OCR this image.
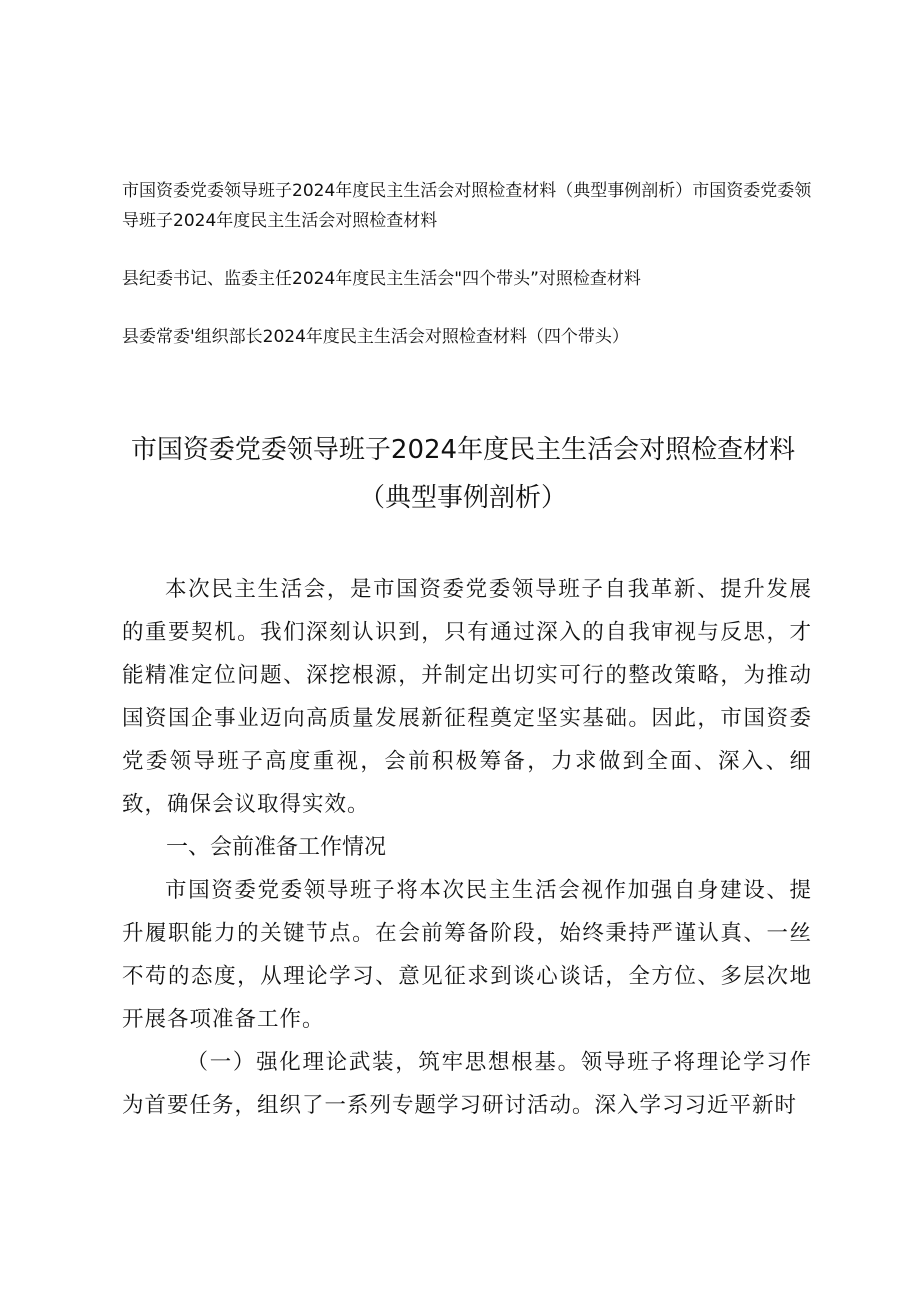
市国资委党委领导班子2024年度民主生活会对照检查材料（典型事例剖析）市国资委党委领导班子2024年度民主生活会对照检查材料

县纪委书记、监委主任2024年度民主生活会"四个带头”对照检查材料

县委常委'组织部长2024年度民主生活会对照检查材料（四个带头）

市国资委党委领导班子2024年度民主生活会对照检查材料（典型事例剖析）

本次民主生活会，是市国资委党委领导班子自我革新、提升发展的重要契机。我们深刻认识到，只有通过深入的自我审视与反思，才能精准定位问题、深挖根源，并制定出切实可行的整改策略，为推动国资国企事业迈向高质量发展新征程奠定坚实基础。因此，市国资委党委领导班子高度重视，会前积极筹备，力求做到全面、深入、细致，确保会议取得实效。

一、会前准备工作情况

市国资委党委领导班子将本次民主生活会视作加强自身建设、提升履职能力的关键节点。在会前筹备阶段，始终秉持严谨认真、一丝不苟的态度，从理论学习、意见征求到谈心谈话，全方位、多层次地开展各项准备工作。

（一）强化理论武装，筑牢思想根基。领导班子将理论学习作为首要任务，组织了一系列专题学习研讨活动。深入学习习近平新时
